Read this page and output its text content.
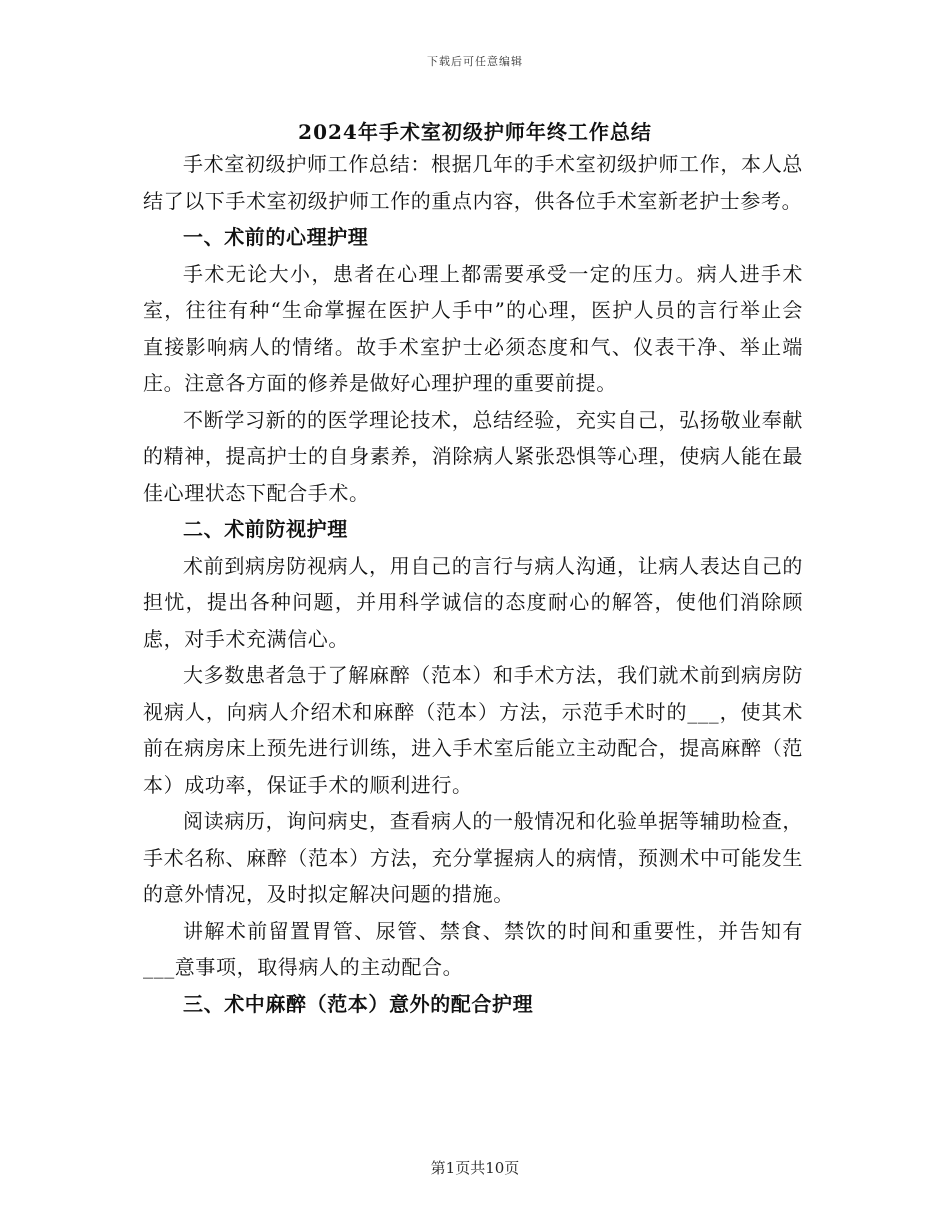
下载后可任意编辑
2024年手术室初级护师年终工作总结

手术室初级护师工作总结：根据几年的手术室初级护师工作，本人总结了以下手术室初级护师工作的重点内容，供各位手术室新老护士参考。

一、术前的心理护理

手术无论大小，患者在心理上都需要承受一定的压力。病人进手术室，往往有种“生命掌握在医护人手中”的心理，医护人员的言行举止会直接影响病人的情绪。故手术室护士必须态度和气、仪表干净、举止端庄。注意各方面的修养是做好心理护理的重要前提。

不断学习新的的医学理论技术，总结经验，充实自己，弘扬敬业奉献的精神，提高护士的自身素养，消除病人紧张恐惧等心理，使病人能在最佳心理状态下配合手术。

二、术前防视护理

术前到病房防视病人，用自己的言行与病人沟通，让病人表达自己的担忧，提出各种问题，并用科学诚信的态度耐心的解答，使他们消除顾虑，对手术充满信心。

大多数患者急于了解麻醉（范本）和手术方法，我们就术前到病房防视病人，向病人介绍术和麻醉（范本）方法，示范手术时的___，使其术前在病房床上预先进行训练，进入手术室后能立主动配合，提高麻醉（范本）成功率，保证手术的顺利进行。

阅读病历，询问病史，查看病人的一般情况和化验单据等辅助检查，手术名称、麻醉（范本）方法，充分掌握病人的病情，预测术中可能发生的意外情况，及时拟定解决问题的措施。

讲解术前留置胃管、尿管、禁食、禁饮的时间和重要性，并告知有___意事项，取得病人的主动配合。

三、术中麻醉（范本）意外的配合护理
第1页共10页
